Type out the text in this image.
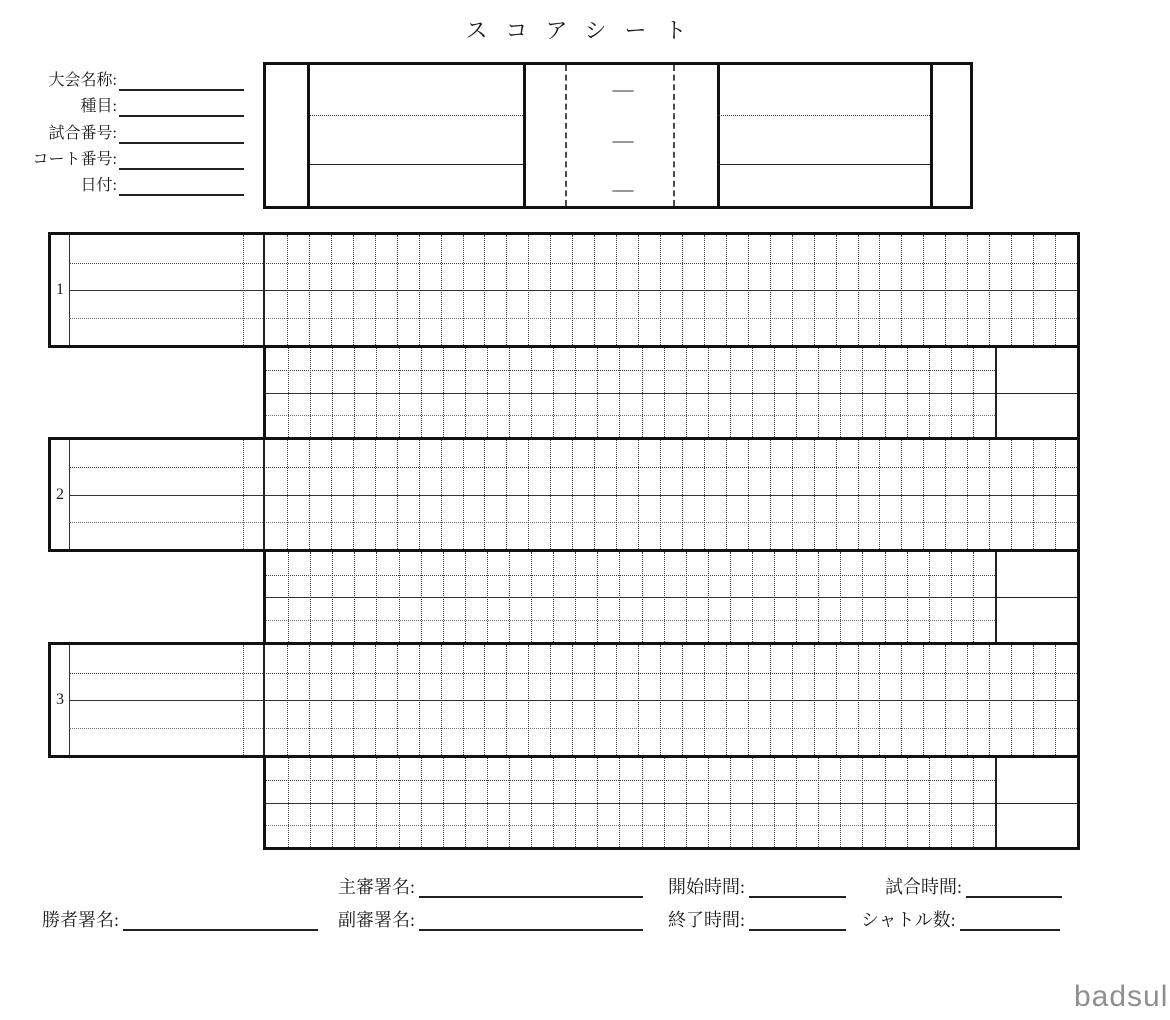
スコアシート
大会名称:
種目:
試合番号:
コート番号:
日付:
—
—
—
1
2
3
勝者署名:
主審署名:
副審署名:
開始時間:
終了時間:
試合時間:
シャトル数:
badsul
